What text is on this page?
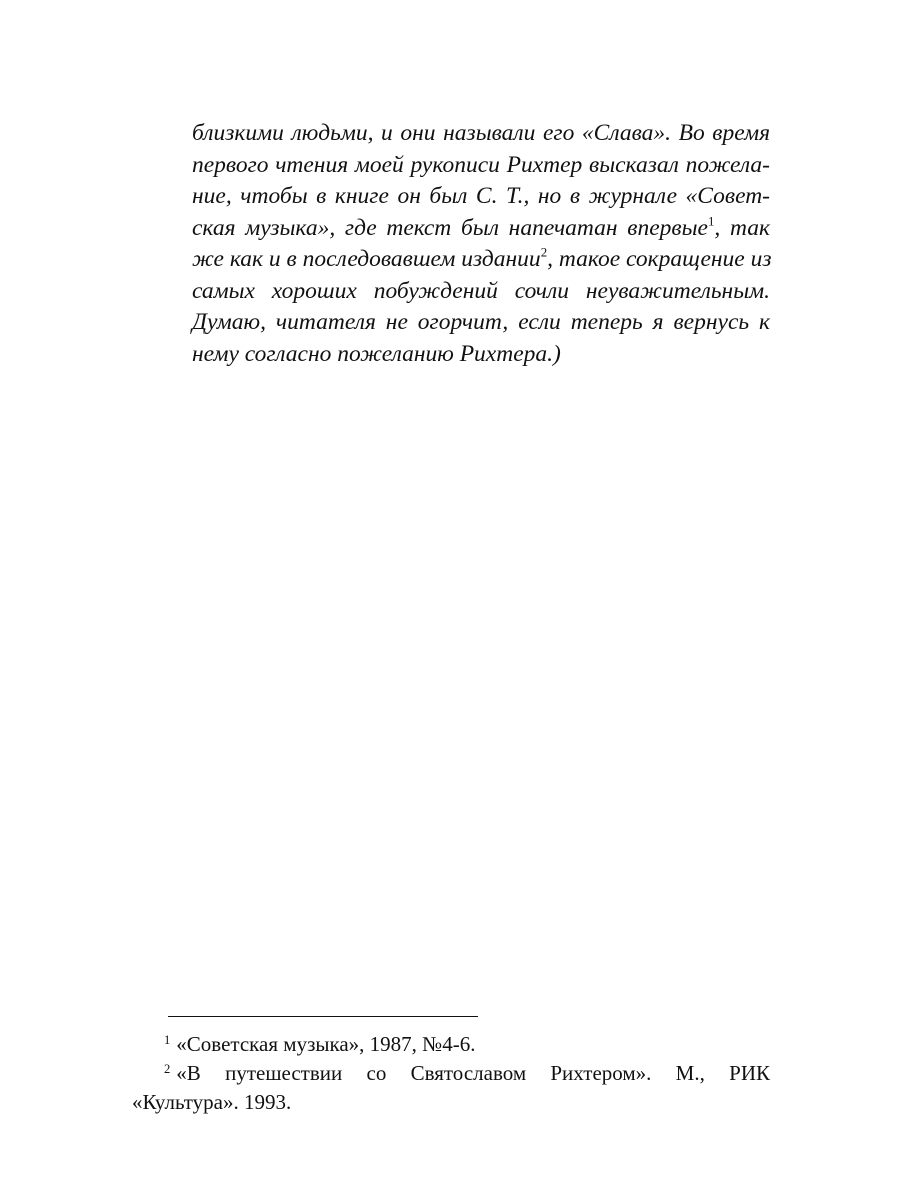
близкими людьми, и они называли его «Слава». Во время
первого чтения моей рукописи Рихтер высказал пожела-
ние, чтобы в книге он был С. Т., но в журнале «Совет-
ская музыка», где текст был напечатан впервые$^1$, так
же как и в последовавшем издании$^2$, такое сокращение из
самых хороших побуждений сочли неуважительным.
Думаю, читателя не огорчит, если теперь я вернусь к
нему согласно пожеланию Рихтера.)
$^1$ «Советская музыка», 1987, №4-6.
$^2$ «В путешествии со Святославом Рихтером». М., РИК
«Культура». 1993.
